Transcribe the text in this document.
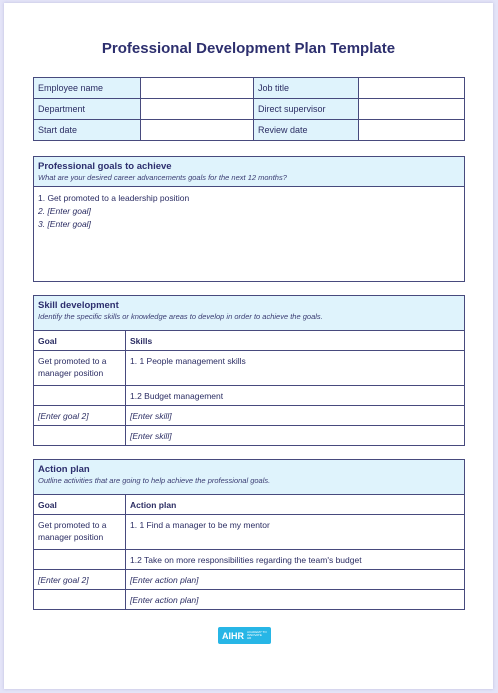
Professional Development Plan Template
Employee name		Job title	
Department		Direct supervisor	
Start date		Review date	
Professional goals to achieve
What are your desired career advancements goals for the next 12 months?
1. Get promoted to a leadership position
2. [Enter goal]
3. [Enter goal]
Skill development
Identify the specific skills or knowledge areas to develop in order to achieve the goals.
Goal	Skills
Get promoted to a manager position	1. 1 People management skills
	1.2 Budget management
[Enter goal 2]	[Enter skill]
	[Enter skill]
Action plan
Outline activities that are going to help achieve the professional goals.
Goal	Action plan
Get promoted to a manager position	1. 1 Find a manager to be my mentor
	1.2 Take on more responsibilities regarding the team's budget
[Enter goal 2]	[Enter action plan]
	[Enter action plan]
AIHR ACADEMY TO INNOVATE HR
